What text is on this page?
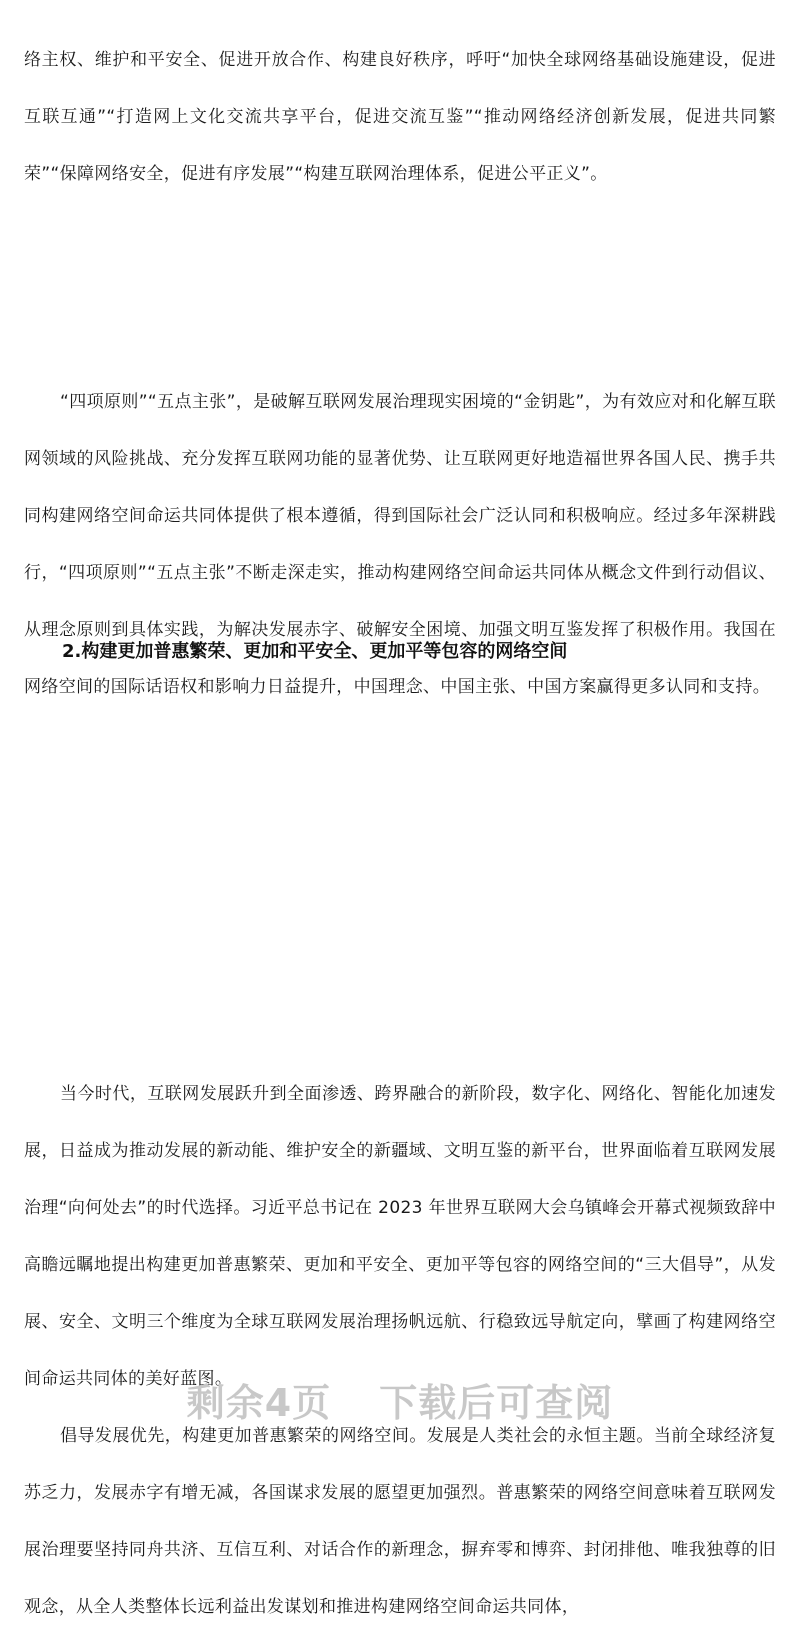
络主权、维护和平安全、促进开放合作、构建良好秩序，呼吁“加快全球网络基础设施建设，促进互联互通”“打造网上文化交流共享平台，促进交流互鉴”“推动网络经济创新发展，促进共同繁荣”“保障网络安全，促进有序发展”“构建互联网治理体系，促进公平正义”。

“四项原则”“五点主张”，是破解互联网发展治理现实困境的“金钥匙”，为有效应对和化解互联网领域的风险挑战、充分发挥互联网功能的显著优势、让互联网更好地造福世界各国人民、携手共同构建网络空间命运共同体提供了根本遵循，得到国际社会广泛认同和积极响应。经过多年深耕践行，“四项原则”“五点主张”不断走深走实，推动构建网络空间命运共同体从概念文件到行动倡议、从理念原则到具体实践，为解决发展赤字、破解安全困境、加强文明互鉴发挥了积极作用。我国在网络空间的国际话语权和影响力日益提升，中国理念、中国主张、中国方案赢得更多认同和支持。

2.构建更加普惠繁荣、更加和平安全、更加平等包容的网络空间

当今时代，互联网发展跃升到全面渗透、跨界融合的新阶段，数字化、网络化、智能化加速发展，日益成为推动发展的新动能、维护安全的新疆域、文明互鉴的新平台，世界面临着互联网发展治理“向何处去”的时代选择。习近平总书记在 2023 年世界互联网大会乌镇峰会开幕式视频致辞中高瞻远瞩地提出构建更加普惠繁荣、更加和平安全、更加平等包容的网络空间的“三大倡导”，从发展、安全、文明三个维度为全球互联网发展治理扬帆远航、行稳致远导航定向，擘画了构建网络空间命运共同体的美好蓝图。

倡导发展优先，构建更加普惠繁荣的网络空间。发展是人类社会的永恒主题。当前全球经济复苏乏力，发展赤字有增无减，各国谋求发展的愿望更加强烈。普惠繁荣的网络空间意味着互联网发展治理要坚持同舟共济、互信互利、对话合作的新理念，摒弃零和博弈、封闭排他、唯我独尊的旧观念，从全人类整体长远利益出发谋划和推进构建网络空间命运共同体，

剩余4页 下载后可查阅
